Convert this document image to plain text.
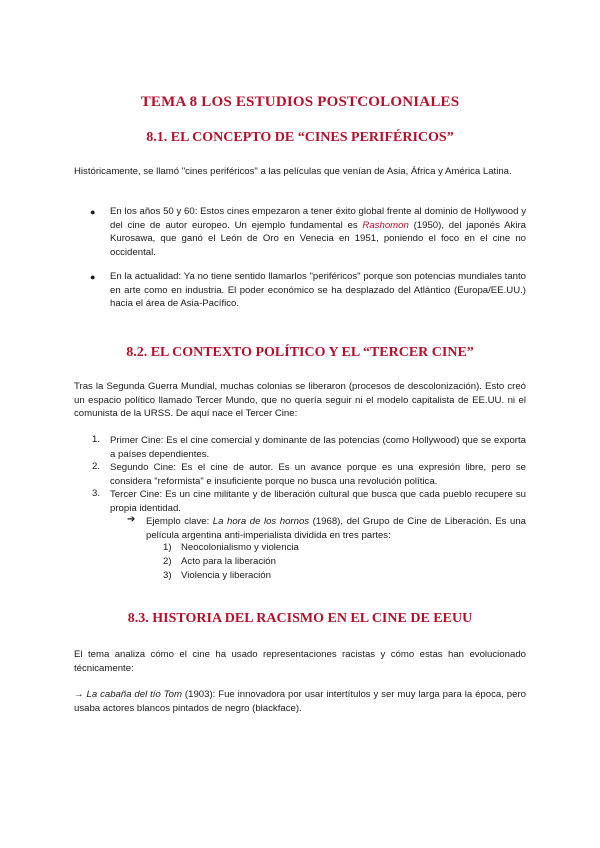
TEMA 8 LOS ESTUDIOS POSTCOLONIALES
8.1. EL CONCEPTO DE “CINES PERIFÉRICOS”
Históricamente, se llamó "cines periféricos" a las películas que venían de Asia, África y América Latina.
● En los años 50 y 60: Estos cines empezaron a tener éxito global frente al dominio de Hollywood y del cine de autor europeo. Un ejemplo fundamental es Rashomon (1950), del japonés Akira Kurosawa, que ganó el León de Oro en Venecia en 1951, poniendo el foco en el cine no occidental.
● En la actualidad: Ya no tiene sentido llamarlos "periféricos" porque son potencias mundiales tanto en arte como en industria. El poder económico se ha desplazado del Atlántico (Europa/EE.UU.) hacia el área de Asia-Pacífico.
8.2. EL CONTEXTO POLÍTICO Y EL “TERCER CINE”
Tras la Segunda Guerra Mundial, muchas colonias se liberaron (procesos de descolonización). Esto creó un espacio político llamado Tercer Mundo, que no quería seguir ni el modelo capitalista de EE.UU. ni el comunista de la URSS. De aquí nace el Tercer Cine:
1. Primer Cine: Es el cine comercial y dominante de las potencias (como Hollywood) que se exporta a países dependientes.
2. Segundo Cine: Es el cine de autor. Es un avance porque es una expresión libre, pero se considera "reformista" e insuficiente porque no busca una revolución política.
3. Tercer Cine: Es un cine militante y de liberación cultural que busca que cada pueblo recupere su propia identidad.
➔ Ejemplo clave: La hora de los hornos (1968), del Grupo de Cine de Liberación. Es una película argentina anti-imperialista dividida en tres partes:
1) Neocolonialismo y violencia
2) Acto para la liberación
3) Violencia y liberación
8.3. HISTORIA DEL RACISMO EN EL CINE DE EEUU
El tema analiza cómo el cine ha usado representaciones racistas y cómo estas han evolucionado técnicamente:
→ La cabaña del tío Tom (1903): Fue innovadora por usar intertítulos y ser muy larga para la época, pero usaba actores blancos pintados de negro (blackface).
